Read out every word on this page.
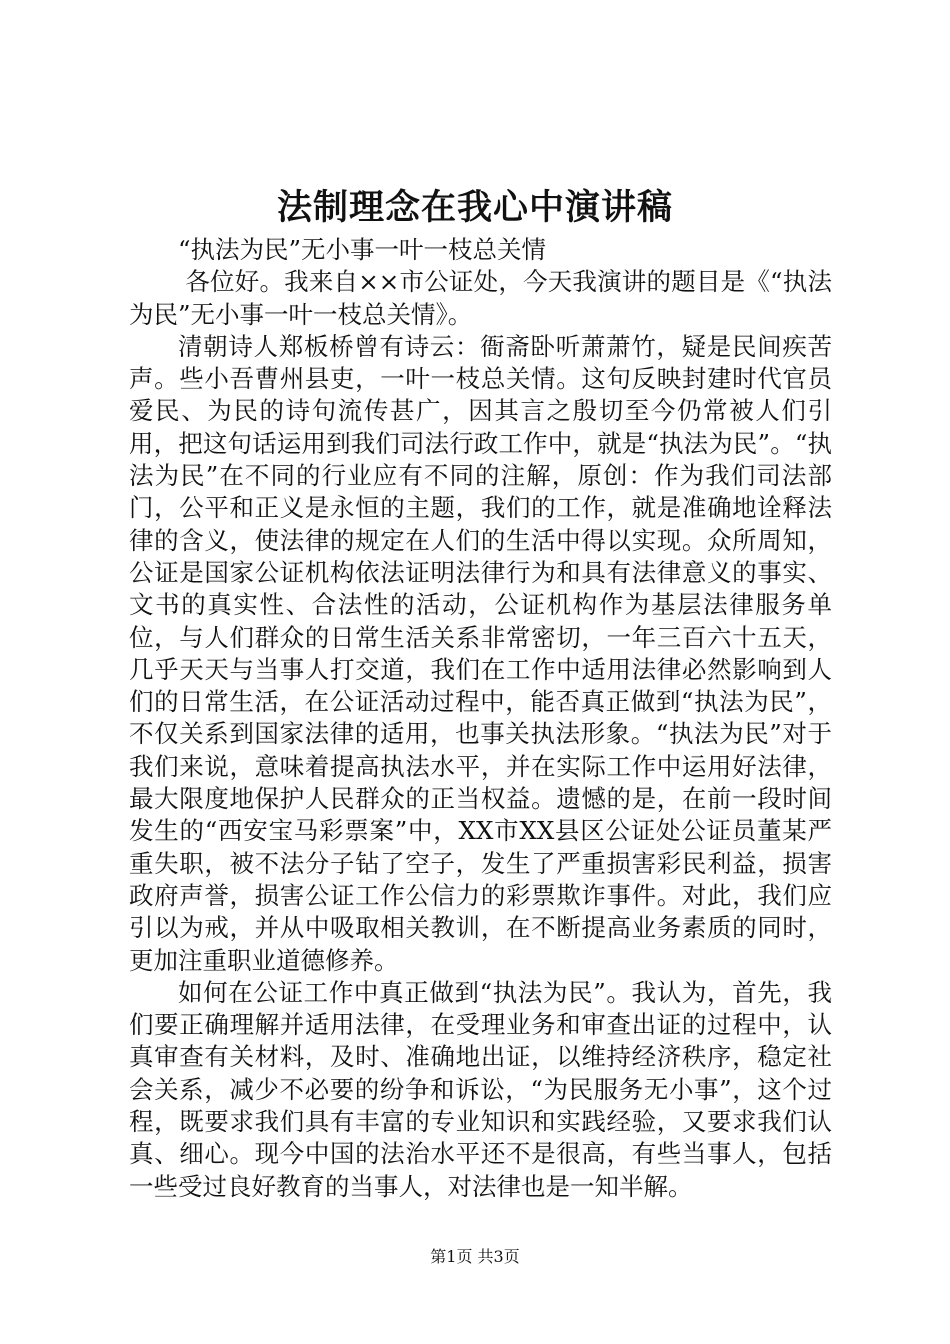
法制理念在我心中演讲稿

“执法为民”无小事一叶一枝总关情

各位好。我来自××市公证处，今天我演讲的题目是《“执法为民”无小事一叶一枝总关情》。

清朝诗人郑板桥曾有诗云：衙斋卧听萧萧竹，疑是民间疾苦声。些小吾曹州县吏，一叶一枝总关情。这句反映封建时代官员爱民、为民的诗句流传甚广，因其言之殷切至今仍常被人们引用，把这句话运用到我们司法行政工作中，就是“执法为民”。“执法为民”在不同的行业应有不同的注解，原创：作为我们司法部门，公平和正义是永恒的主题，我们的工作，就是准确地诠释法律的含义，使法律的规定在人们的生活中得以实现。众所周知，公证是国家公证机构依法证明法律行为和具有法律意义的事实、文书的真实性、合法性的活动，公证机构作为基层法律服务单位，与人们群众的日常生活关系非常密切，一年三百六十五天，几乎天天与当事人打交道，我们在工作中适用法律必然影响到人们的日常生活，在公证活动过程中，能否真正做到“执法为民”，不仅关系到国家法律的适用，也事关执法形象。“执法为民”对于我们来说，意味着提高执法水平，并在实际工作中运用好法律，最大限度地保护人民群众的正当权益。遗憾的是，在前一段时间发生的“西安宝马彩票案”中，XX市XX县区公证处公证员董某严重失职，被不法分子钻了空子，发生了严重损害彩民利益，损害政府声誉，损害公证工作公信力的彩票欺诈事件。对此，我们应引以为戒，并从中吸取相关教训，在不断提高业务素质的同时，更加注重职业道德修养。

如何在公证工作中真正做到“执法为民”。我认为，首先，我们要正确理解并适用法律，在受理业务和审查出证的过程中，认真审查有关材料，及时、准确地出证，以维持经济秩序，稳定社会关系，减少不必要的纷争和诉讼，“为民服务无小事”，这个过程，既要求我们具有丰富的专业知识和实践经验，又要求我们认真、细心。现今中国的法治水平还不是很高，有些当事人，包括一些受过良好教育的当事人，对法律也是一知半解。

第1页 共3页
